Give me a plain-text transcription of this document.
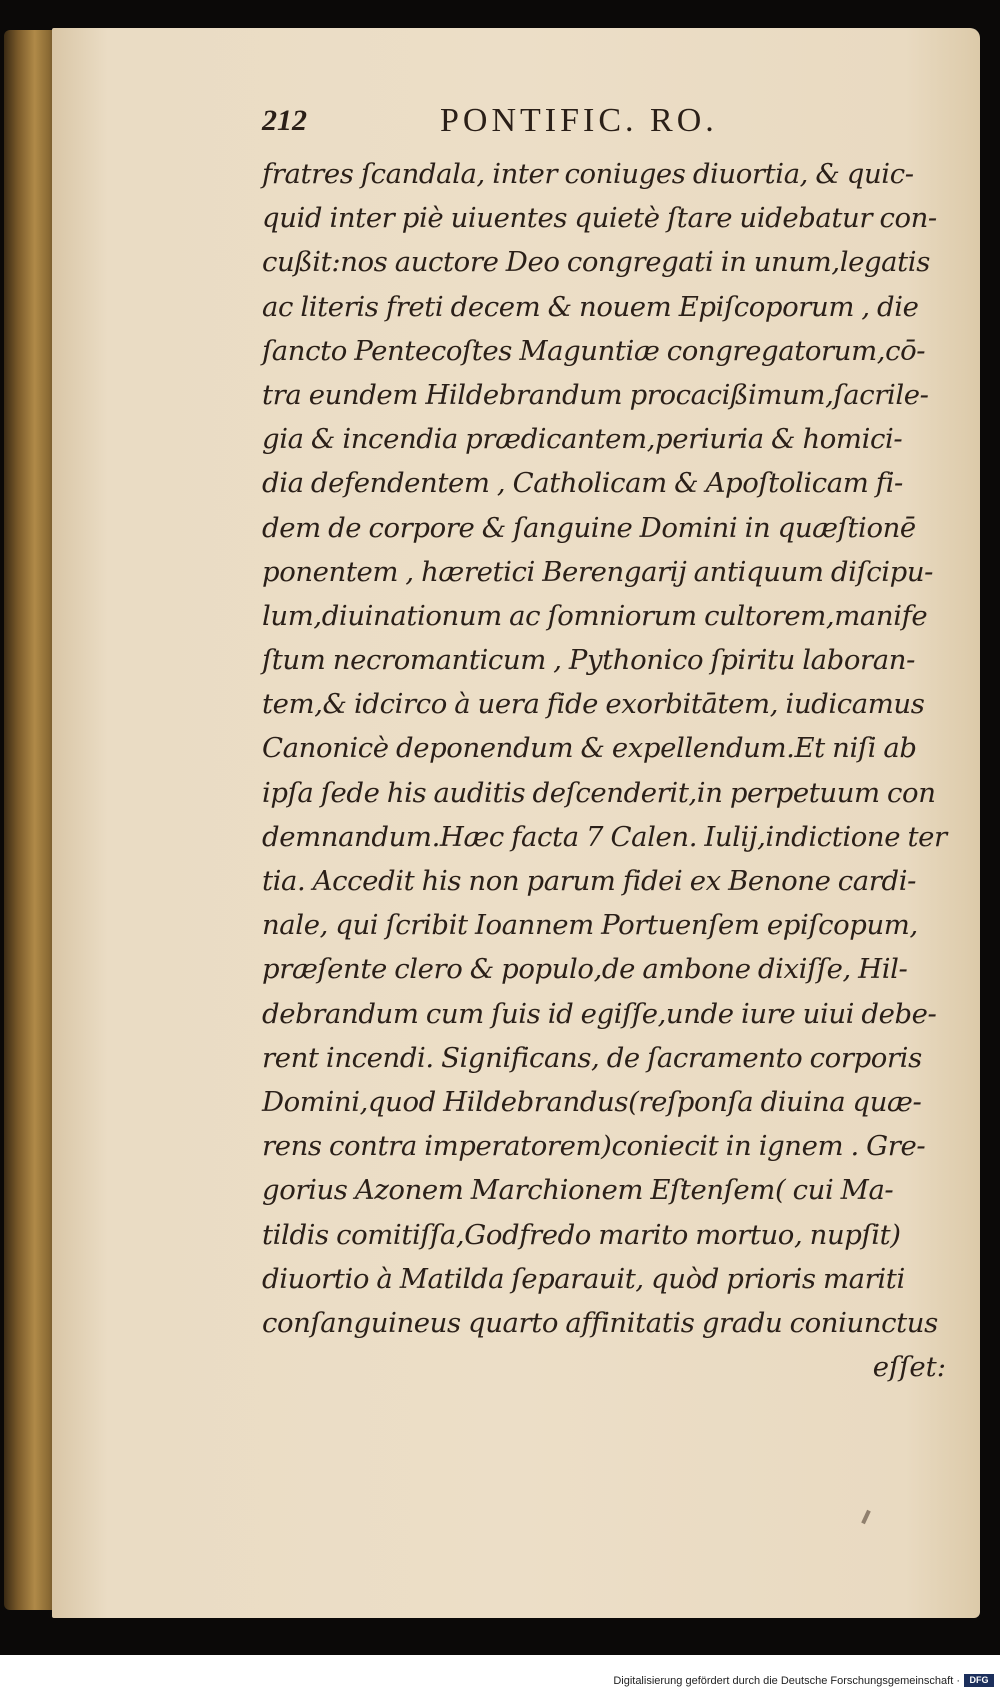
212	PONTIFIC. RO.
fratres ſcandala, inter coniuges diuortia, & quic-
quid inter piè uiuentes quietè ſtare uidebatur con-
cußit:nos auctore Deo congregati in unum,legatis
ac literis freti decem & nouem Epiſcoporum , die
ſancto Pentecoſtes Maguntiæ congregatorum,cō-
tra eundem Hildebrandum procacißimum,ſacrile-
gia & incendia prædicantem,periuria & homici-
dia defendentem , Catholicam & Apoſtolicam fi-
dem de corpore & ſanguine Domini in quæſtionē
ponentem , hæretici Berengarij antiquum diſcipu-
lum,diuinationum ac ſomniorum cultorem,manife
ſtum necromanticum , Pythonico ſpiritu laboran-
tem,& idcirco à uera fide exorbitātem, iudicamus
Canonicè deponendum & expellendum.Et niſi ab
ipſa ſede his auditis deſcenderit,in perpetuum con
demnandum.Hæc facta 7 Calen. Iulij,indictione ter
tia. Accedit his non parum fidei ex Benone cardi-
nale, qui ſcribit Ioannem Portuenſem epiſcopum,
præſente clero & populo,de ambone dixiſſe, Hil-
debrandum cum ſuis id egiſſe,unde iure uiui debe-
rent incendi. Significans, de ſacramento corporis
Domini,quod Hildebrandus(reſponſa diuina quæ-
rens contra imperatorem)coniecit in ignem . Gre-
gorius Azonem Marchionem Eſtenſem( cui Ma-
tildis comitiſſa,Godfredo marito mortuo, nupſit)
diuortio à Matilda ſeparauit, quòd prioris mariti
conſanguineus quarto affinitatis gradu coniunctus
eſſet:
Digitalisierung gefördert durch die Deutsche Forschungsgemeinschaft ·	DFG
